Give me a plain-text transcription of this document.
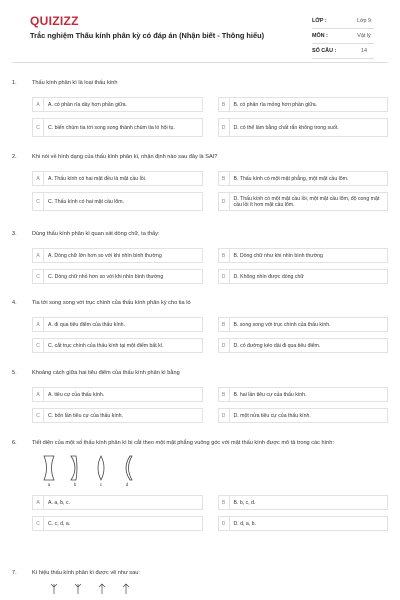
QUIZIZZ
Trắc nghiệm Thấu kính phân kỳ có đáp án (Nhận biết - Thông hiểu)
LỚP :	Lớp 9
MÔN :	Vật lý
SỐ CÂU :	14
1.	Thấu kính phân kì là loại thấu kính
A	A. có phần rìa dày hơn phần giữa.	B	B. có phần rìa mỏng hơn phần giữa.
C	C. biến chùm tia tới song song thành chùm tia ló hội tụ.	D	D. có thể làm bằng chất rắn không trong suốt.
2.	Khi nói về hình dạng của thấu kính phân kì, nhận định nào sau đây là SAI?
A	A. Thấu kính có hai mặt đều là mặt cầu lồi.	B	B. Thấu kính có một mặt phẳng, một mặt cầu lõm.
C	C. Thấu kính có hai mặt cầu lõm.	D	D. Thấu kính có một mặt cầu lồi, một mặt cầu lõm, độ cong mặt cầu lồi ít hơn mặt cầu lõm.
3.	Dùng thấu kính phân kì quan sát dòng chữ, ta thấy:
A	A. Dòng chữ lớn hơn so với khi nhìn bình thường	B	B. Dòng chữ như khi nhìn bình thường
C	C. Dòng chữ nhỏ hơn so với khi nhìn bình thường	D	D. Không nhìn được dòng chữ
4.	Tia tới song song với trục chính của thấu kính phân kỳ cho tia ló
A	A. đi qua tiêu điểm của thấu kính.	B	B. song song với trục chính của thấu kính.
C	C. cắt trục chính của thấu kính tại một điểm bất kì.	D	D. có đường kéo dài đi qua tiêu điểm.
5.	Khoảng cách giữa hai tiêu điểm của thấu kính phân kì bằng
A	A. tiêu cự của thấu kính.	B	B. hai lần tiêu cự của thấu kính.
C	C. bốn lần tiêu cự của thấu kính.	D	D. một nửa tiêu cự của thấu kính.
6.	Tiết diện của một số thấu kính phân kì bị cắt theo một mặt phẳng vuông góc với mặt thấu kính được mô tả trong các hình:
a	b	c	d
A	A. a, b, c.	B	B. b, c, d.
C	C. c, d, a.	D	D. d, a, b.
7.	Kí hiệu thấu kính phân kì được vẽ như sau:
